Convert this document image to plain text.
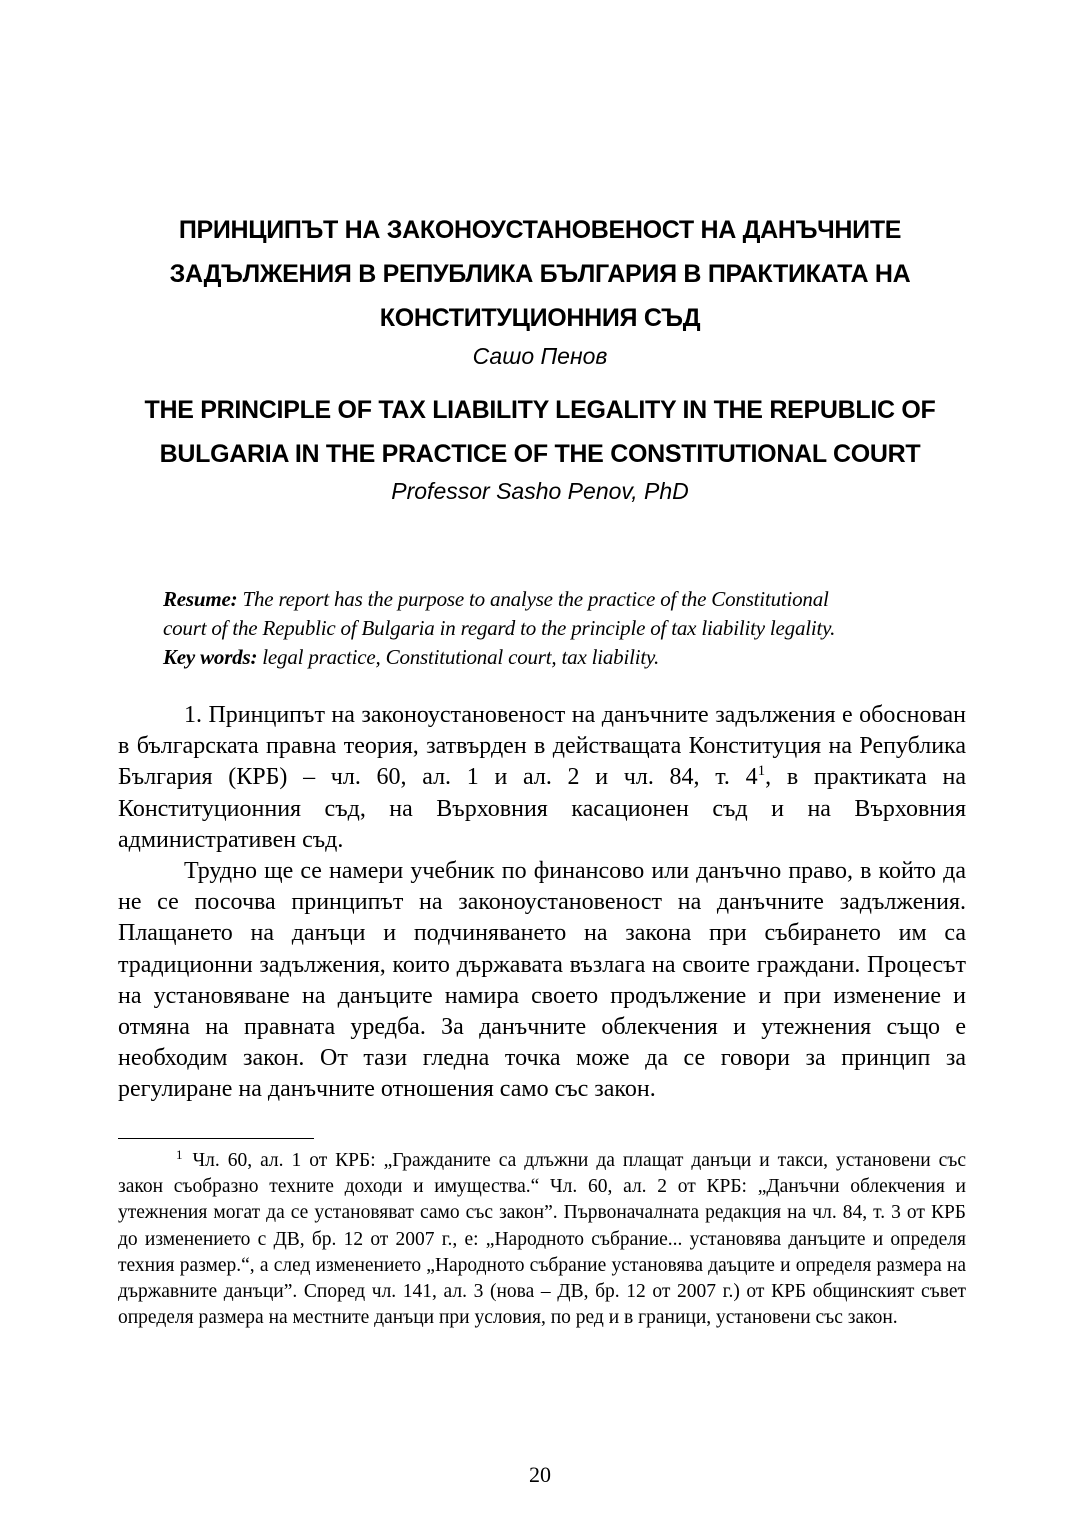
ПРИНЦИПЪТ НА ЗАКОНОУСТАНОВЕНОСТ НА ДАНЪЧНИТЕ ЗАДЪЛЖЕНИЯ В РЕПУБЛИКА БЪЛГАРИЯ В ПРАКТИКАТА НА КОНСТИТУЦИОННИЯ СЪД
Сашо Пенов
THE PRINCIPLE OF TAX LIABILITY LEGALITY IN THE REPUBLIC OF BULGARIA IN THE PRACTICE OF THE CONSTITUTIONAL COURT
Professor Sasho Penov, PhD

Resume: The report has the purpose to analyse the practice of the Constitutional

court of the Republic of Bulgaria in regard to the principle of tax liability legality.

Key words: legal practice, Constitutional court, tax liability.

1. Принципът на законоустановеност на данъчните задължения е обоснован в българската правна теория, затвърден в действащата Конституция на Република България (КРБ) – чл. 60, ал. 1 и ал. 2 и чл. 84, т. $4^1$, в практиката на Конституционния съд, на Върховния касационен съд и на Върховния административен съд.

Трудно ще се намери учебник по финансово или данъчно право, в който да не се посочва принципът на законоустановеност на данъчните задължения. Плащането на данъци и подчиняването на закона при събирането им са традиционни задължения, които държавата възлага на своите граждани. Процесът на установяване на данъците намира своето продължение и при изменение и отмяна на правната уредба. За данъчните облекчения и утежнения също е необходим закон. От тази гледна точка може да се говори за принцип за регулиране на данъчните отношения само със закон.

$^1$ Чл. 60, ал. 1 от КРБ: „Гражданите са длъжни да плащат данъци и такси, установени със закон съобразно техните доходи и имущества.“ Чл. 60, ал. 2 от КРБ: „Данъчни облекчения и утежнения могат да се установяват само със закон”. Първоначалната редакция на чл. 84, т. 3 от КРБ до изменението с ДВ, бр. 12 от 2007 г., е: „Народното събрание... установява данъците и определя техния размер.“, а след изменението „Народното събрание установява даъците и определя размера на държавните данъци”. Според чл. 141, ал. 3 (нова – ДВ, бр. 12 от 2007 г.) от КРБ общинският съвет определя размера на местните данъци при условия, по ред и в граници, установени със закон.

20
